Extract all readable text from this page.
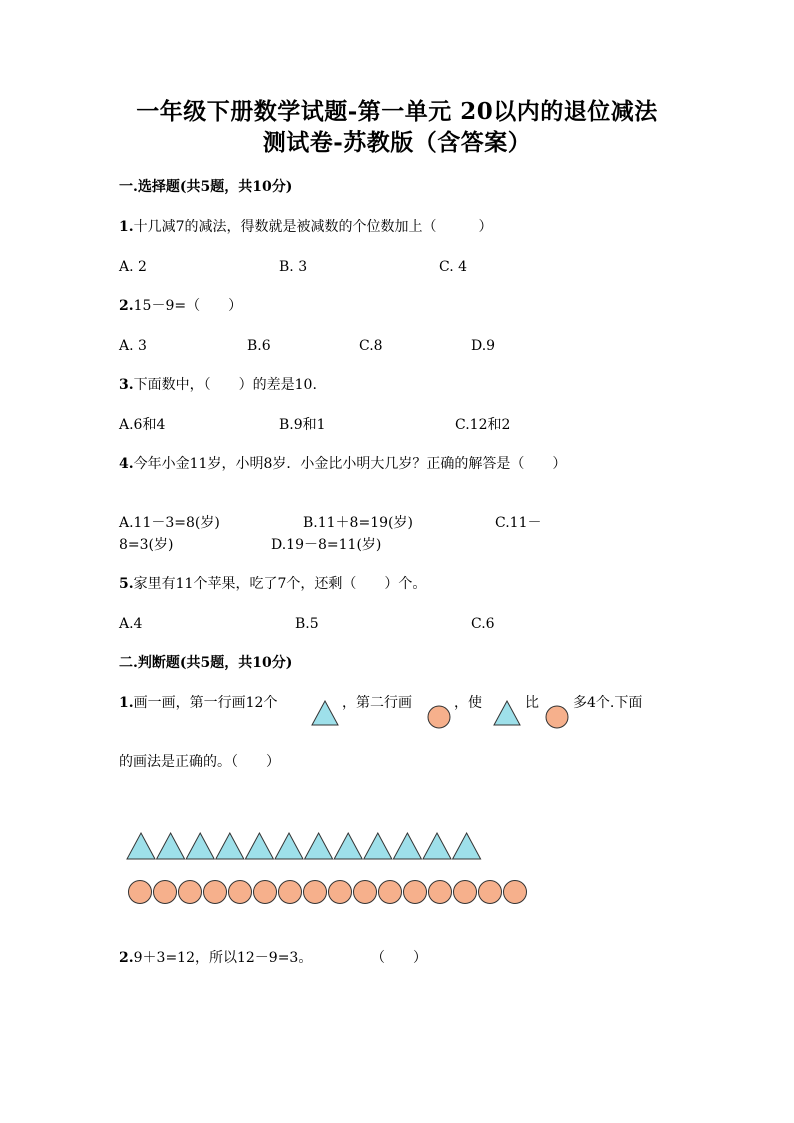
一年级下册数学试题-第一单元 20以内的退位减法
测试卷-苏教版（含答案）
一.选择题(共5题，共10分)
1.十几减7的减法，得数就是被减数的个位数加上（　　　）
A. 2	B. 3	C. 4
2.15－9=（　　）
A. 3	B.6	C.8	D.9
3.下面数中，（　　）的差是10.
A.6和4	B.9和1	C.12和2
4.今年小金11岁，小明8岁．小金比小明大几岁？正确的解答是（　　）
A.11－3=8(岁)	B.11＋8=19(岁)	C.11－
8=3(岁)	D.19－8=11(岁)
5.家里有11个苹果，吃了7个，还剩（　　）个。
A.4	B.5	C.6
二.判断题(共5题，共10分)
1.画一画，第一行画12个	，第二行画	，使	比 多4个.下面
的画法是正确的。（　　）
2.9＋3=12，所以12－9=3。	（　　）
